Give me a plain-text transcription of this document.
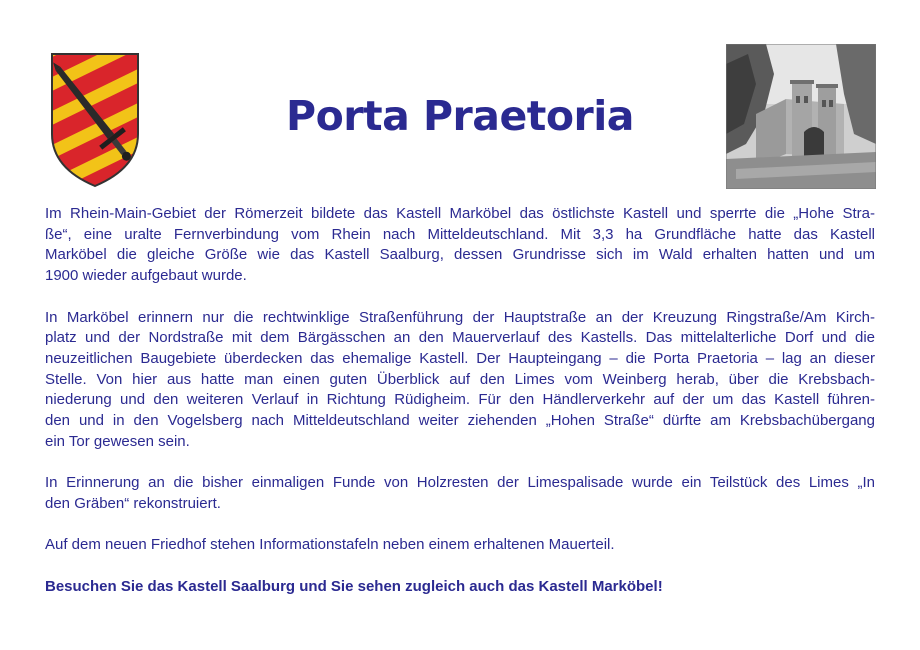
Porta Praetoria

Im Rhein-Main-Gebiet der Römerzeit bildete das Kastell Marköbel das östlichste Kastell und sperrte die „Hohe Stra-
ße“, eine uralte Fernverbindung vom Rhein nach Mitteldeutschland. Mit 3,3 ha Grundfläche hatte das Kastell
Marköbel die gleiche Größe wie das Kastell Saalburg, dessen Grundrisse sich im Wald erhalten hatten und um
1900 wieder aufgebaut wurde.

In Marköbel erinnern nur die rechtwinklige Straßenführung der Hauptstraße an der Kreuzung Ringstraße/Am Kirch-
platz und der Nordstraße mit dem Bärgässchen an den Mauerverlauf des Kastells. Das mittelalterliche Dorf und die
neuzeitlichen Baugebiete überdecken das ehemalige Kastell. Der Haupteingang – die Porta Praetoria – lag an dieser
Stelle. Von hier aus hatte man einen guten Überblick auf den Limes vom Weinberg herab, über die Krebsbach-
niederung und den weiteren Verlauf in Richtung Rüdigheim. Für den Händlerverkehr auf der um das Kastell führen-
den und in den Vogelsberg nach Mitteldeutschland weiter ziehenden „Hohen Straße“ dürfte am Krebsbachübergang
ein Tor gewesen sein.

In Erinnerung an die bisher einmaligen Funde von Holzresten der Limespalisade wurde ein Teilstück des Limes „In
den Gräben“ rekonstruiert.

Auf dem neuen Friedhof stehen Informationstafeln neben einem erhaltenen Mauerteil.

Besuchen Sie das Kastell Saalburg und Sie sehen zugleich auch das Kastell Marköbel!
